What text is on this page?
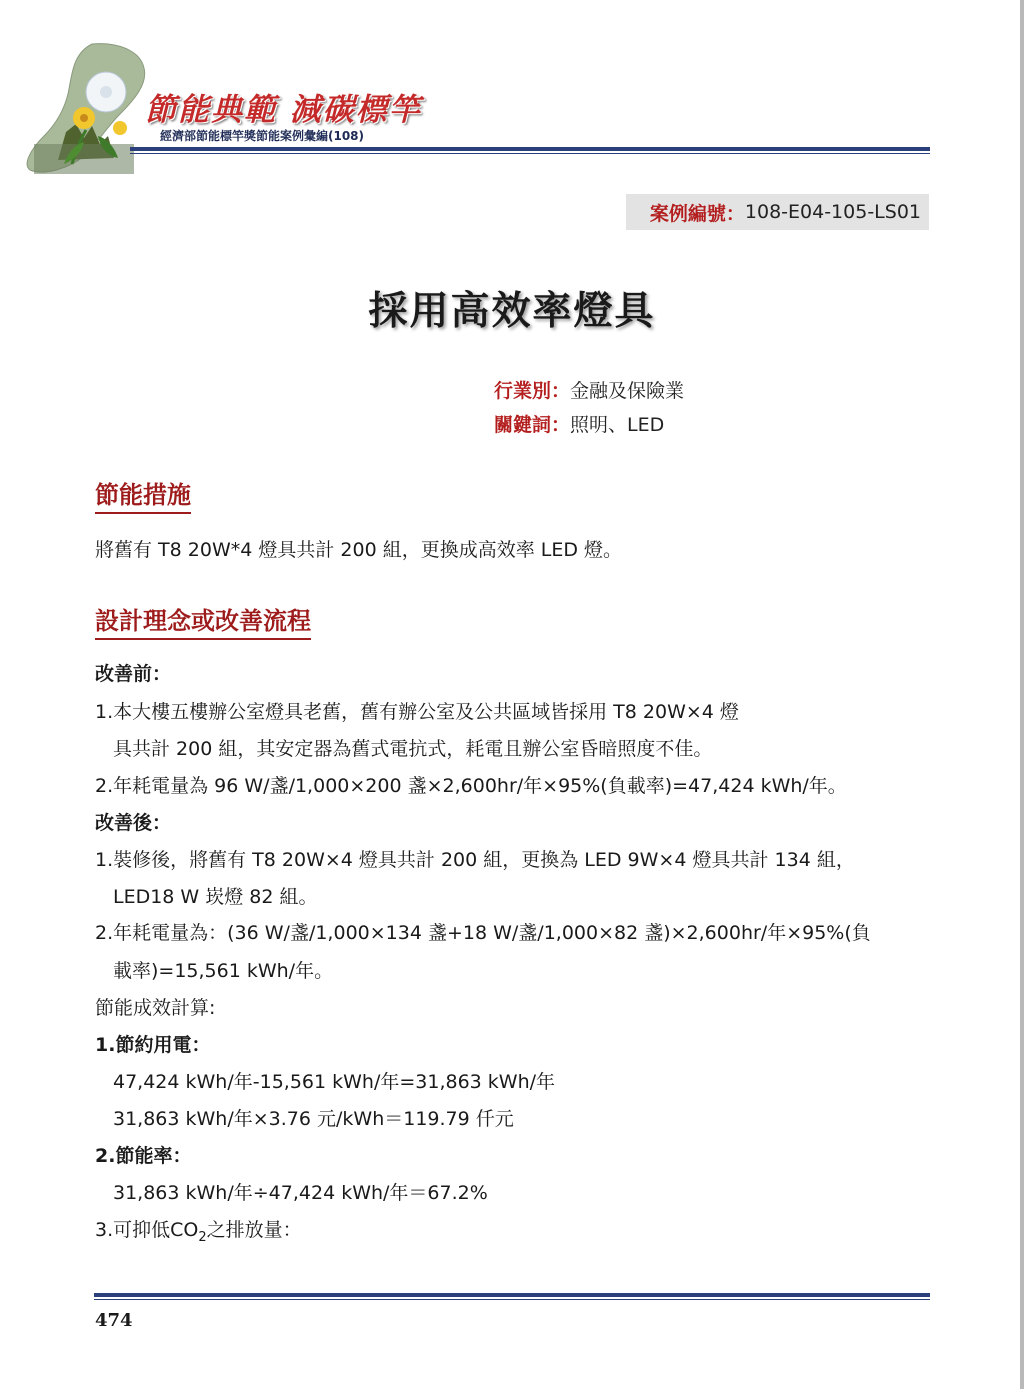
節能典範 減碳標竿
經濟部節能標竿獎節能案例彙編(108)
案例編號： 108-E04-105-LS01
採用高效率燈具
行業別：金融及保險業
關鍵詞：照明、LED
節能措施
將舊有 T8 20W*4 燈具共計 200 組，更換成高效率 LED 燈。
設計理念或改善流程
改善前：
1.本大樓五樓辦公室燈具老舊，舊有辦公室及公共區域皆採用 T8 20W×4 燈
具共計 200 組，其安定器為舊式電抗式，耗電且辦公室昏暗照度不佳。
2.年耗電量為 96 W/盞/1,000×200 盞×2,600hr/年×95%(負載率)=47,424 kWh/年。
改善後：
1.裝修後，將舊有 T8 20W×4 燈具共計 200 組，更換為 LED 9W×4 燈具共計 134 組，
LED18 W 崁燈 82 組。
2.年耗電量為：(36 W/盞/1,000×134 盞+18 W/盞/1,000×82 盞)×2,600hr/年×95%(負
載率)=15,561 kWh/年。
節能成效計算:
1.節約用電：
47,424 kWh/年-15,561 kWh/年=31,863 kWh/年
31,863 kWh/年×3.76 元/kWh＝119.79 仟元
2.節能率：
31,863 kWh/年÷47,424 kWh/年＝67.2%
3.可抑低$CO_2$之排放量：
474
